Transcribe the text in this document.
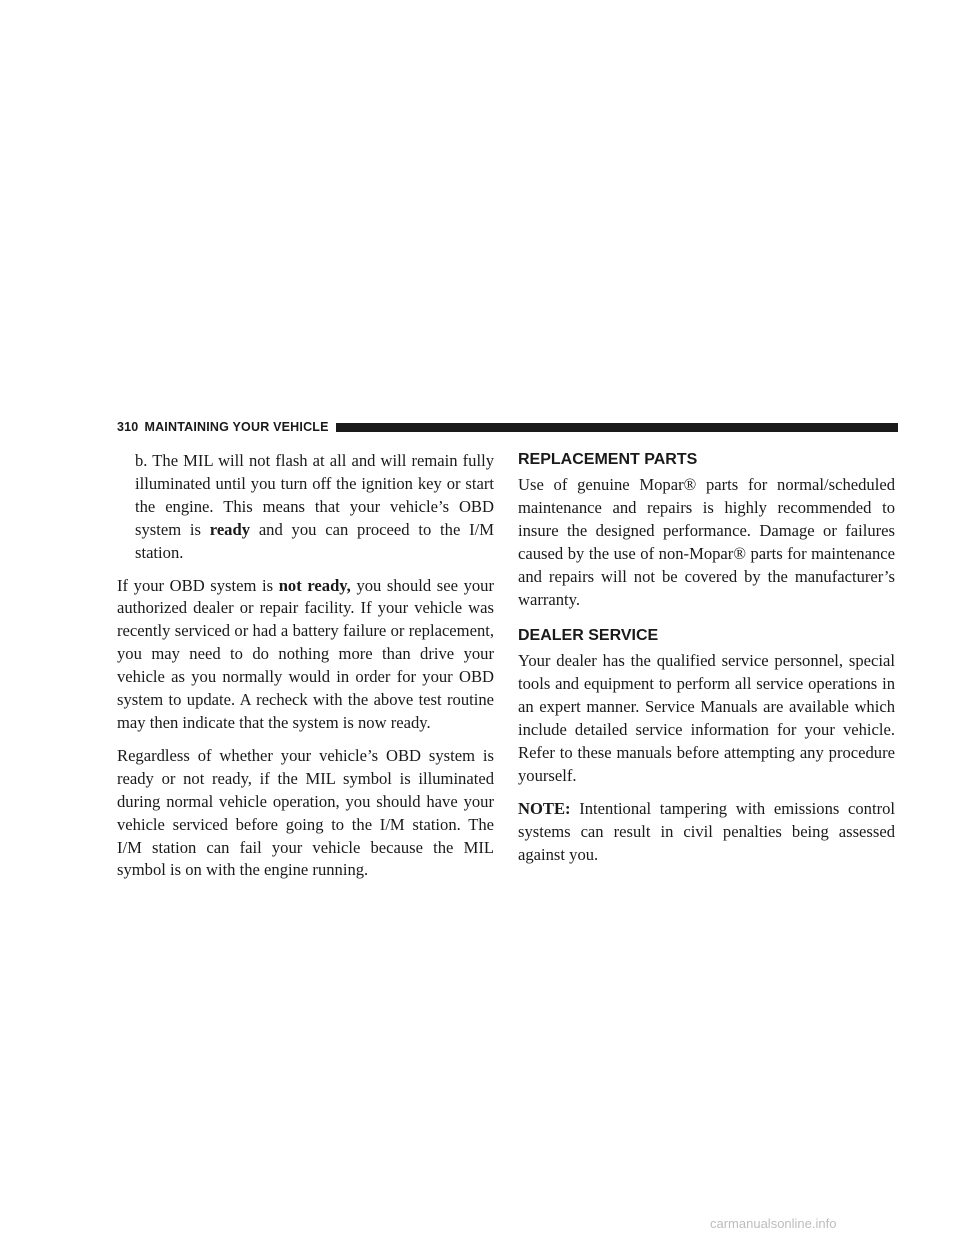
310 MAINTAINING YOUR VEHICLE

b. The MIL will not flash at all and will remain fully illuminated until you turn off the ignition key or start the engine. This means that your vehicle’s OBD system is ready and you can proceed to the I/M station.

If your OBD system is not ready, you should see your authorized dealer or repair facility. If your vehicle was recently serviced or had a battery failure or replacement, you may need to do nothing more than drive your vehicle as you normally would in order for your OBD system to update. A recheck with the above test routine may then indicate that the system is now ready.

Regardless of whether your vehicle’s OBD system is ready or not ready, if the MIL symbol is illuminated during normal vehicle operation, you should have your vehicle serviced before going to the I/M station. The I/M station can fail your vehicle because the MIL symbol is on with the engine running.

REPLACEMENT PARTS

Use of genuine Mopar® parts for normal/scheduled maintenance and repairs is highly recommended to insure the designed performance. Damage or failures caused by the use of non-Mopar® parts for maintenance and repairs will not be covered by the manufacturer’s warranty.

DEALER SERVICE

Your dealer has the qualified service personnel, special tools and equipment to perform all service operations in an expert manner. Service Manuals are available which include detailed service information for your vehicle. Refer to these manuals before attempting any procedure yourself.

NOTE: Intentional tampering with emissions control systems can result in civil penalties being assessed against you.

carmanualsonline.info
